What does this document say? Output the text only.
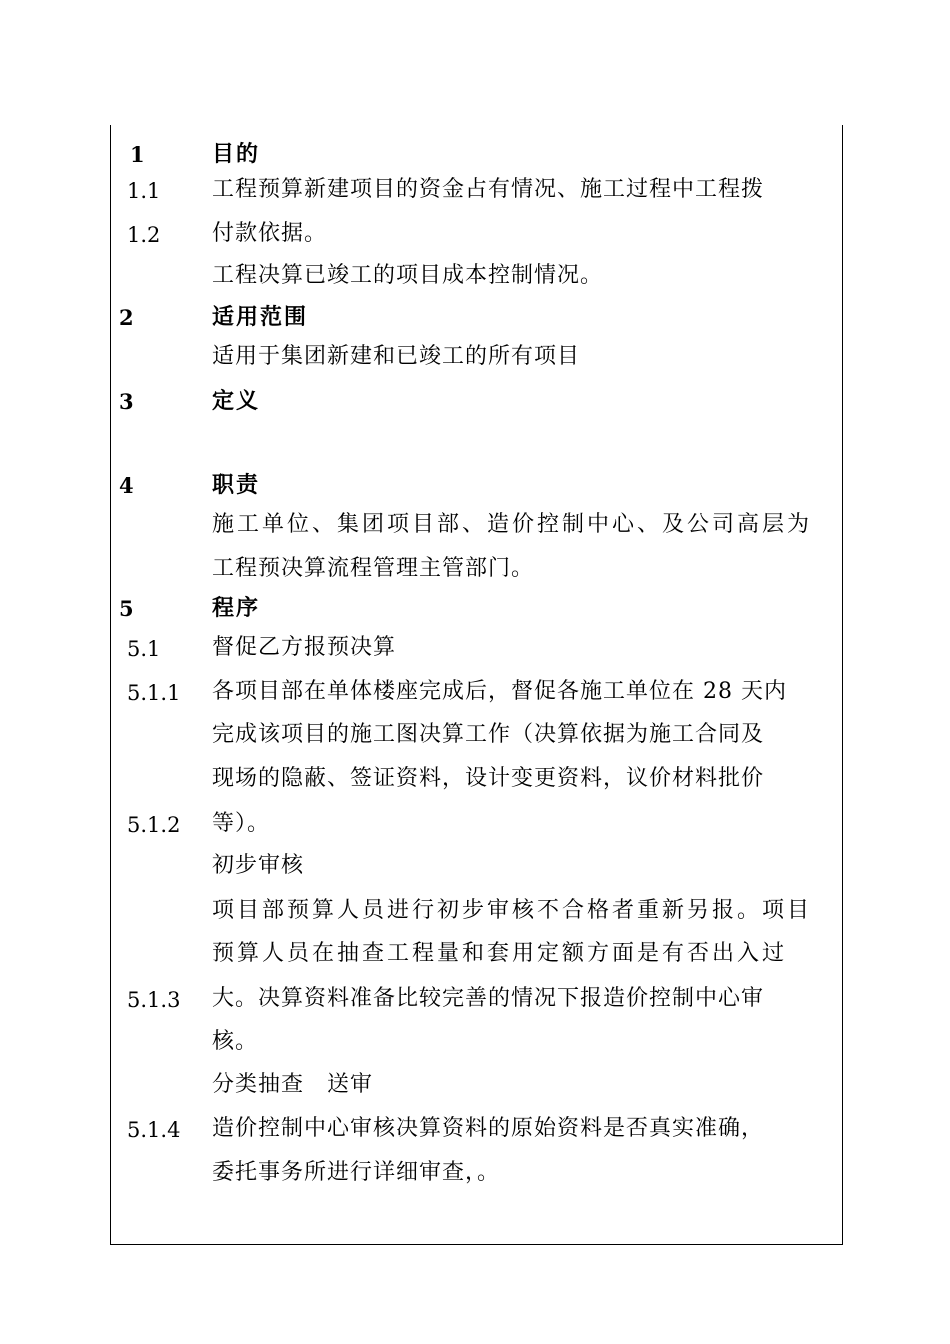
1
1.1
1.2
2
3
4
5
5.1
5.1.1
5.1.2
5.1.3
5.1.4
目的
工程预算新建项目的资金占有情况、施工过程中工程拨
付款依据。
工程决算已竣工的项目成本控制情况。
适用范围
适用于集团新建和已竣工的所有项目
定义
职责
施工单位、集团项目部、造价控制中心、及公司高层为
工程预决算流程管理主管部门。
程序
督促乙方报预决算
各项目部在单体楼座完成后，督促各施工单位在 28 天内
完成该项目的施工图决算工作（决算依据为施工合同及
现场的隐蔽、签证资料，设计变更资料，议价材料批价
等）。
初步审核
项目部预算人员进行初步审核不合格者重新另报。项目
预算人员在抽查工程量和套用定额方面是有否出入过
大。决算资料准备比较完善的情况下报造价控制中心审
核。
分类抽查　送审
造价控制中心审核决算资料的原始资料是否真实准确，
委托事务所进行详细审查，。
